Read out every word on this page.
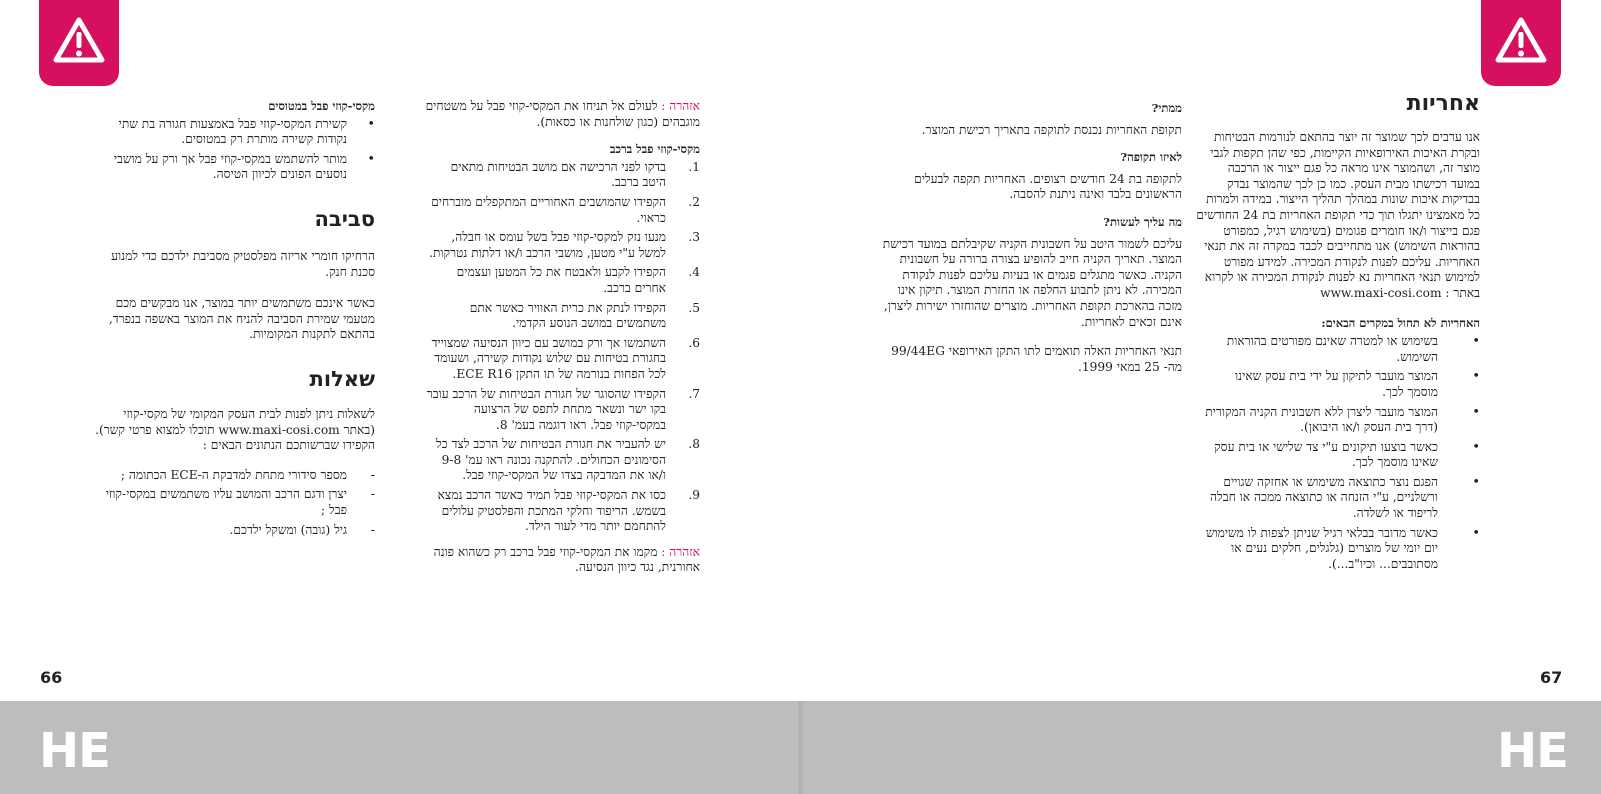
אזהרה : לעולם אל תניחו את המקסי-קוזי פבל על משטחים מוגבהים (כגון שולחנות או כסאות).

מקסי-קוזי פבל ברכב

1.
בדקו לפני הרכישה אם מושב הבטיחות מתאים היטב ברכב.
2.
הקפידו שהמושבים האחוריים המתקפלים מוברחים כראוי.
3.
מנעו נזק למקסי-קוזי פבל בשל עומס או חבלה, למשל ע"י מטען, מושבי הרכב ו/או דלתות נטרקות.
4.
הקפידו לקבע ולאבטח את כל המטען ועצמים אחרים ברכב.
5.
הקפידו לנתק את כרית האוויר כאשר אתם משתמשים במושב הנוסע הקדמי.
6.
השתמשו אך ורק במושב עם כיוון הנסיעה שמצוייד בחגורת בטיחות עם שלוש נקודות קשירה, ושעומד לכל הפחות בנורמה של תו התקן ECE R16.
7.
הקפידו שהסוגר של חגורת הבטיחות של הרכב עובר בקו ישר ונשאר מתחת לתפס של הרצועה במקסי-קוזי פבל. ראו דוגמה בעמ' 8.
8.
יש להעביר את חגורת הבטיחות של הרכב לצד כל הסימונים הכחולים. להתקנה נכונה ראו עמ' 9-8 ו/או את המדבקה בצדו של המקסי-קוזי פבל.
9.
כסו את המקסי-קוזי פבל תמיד כאשר הרכב נמצא בשמש. הריפוד וחלקי המתכת והפלסטיק עלולים להתחמם יותר מדי לעור הילד.

אזהרה : מקמו את המקסי-קוזי פבל ברכב רק כשהוא פונה אחורנית, נגד כיוון הנסיעה.

מקסי-קוזי פבל במטוסים

•
קשירת המקסי-קוזי פבל באמצעות חגורה בת שתי נקודות קשירה מותרת רק במטוסים.
•
מותר להשתמש במקסי-קוזי פבל אך ורק על מושבי נוסעים הפונים לכיוון הטיסה.
סביבה

הרחיקו חומרי אריזה מפלסטיק מסביבת ילדכם כדי למנוע סכנת חנק.

כאשר אינכם משתמשים יותר במוצר, אנו מבקשים מכם מטעמי שמירת הסביבה להניח את המוצר באשפה בנפרד, בהתאם לתקנות המקומיות.

שאלות

לשאלות ניתן לפנות לבית העסק המקומי של מקסי-קוזי (באתר www.maxi-cosi.com תוכלו למצוא פרטי קשר). הקפידו שברשותכם הנתונים הבאים :

-
מספר סידורי מתחת למדבקת ה-ECE הכתומה ;
-
יצרן ודגם הרכב והמושב עליו משתמשים במקסי-קוזי פבל ;
-
גיל (גובה) ומשקל ילדכם.
66

ממתי?

תקופת האחריות נכנסת לתוקפה בתאריך רכישת המוצר.

לאיזו תקופה?

לתקופה בת 24 חודשים רצופים. האחריות תקפה לבעלים הראשונים בלבד ואינה ניתנת להסבה.

מה עליך לעשות?

עליכם לשמור היטב על חשבונית הקניה שקיבלתם במועד רכישת המוצר. תאריך הקניה חייב להופיע בצורה ברורה על חשבונית הקניה. כאשר מתגלים פגמים או בעיות עליכם לפנות לנקודת המכירה. לא ניתן לתבוע החלפה או החזרת המוצר. תיקון אינו מזכה בהארכת תקופת האחריות. מוצרים שהוחזרו ישירות ליצרן, אינם זכאים לאחריות.

תנאי האחריות האלה תואמים לתו התקן האירופאי 99/44EG מה- 25 במאי 1999.

אחריות

אנו ערבים לכך שמוצר זה יוצר בהתאם לנורמות הבטיחות ובקרת האיכות האירופאיות הקיימות, כפי שהן תקפות לגבי מוצר זה, ושהמוצר אינו מראה כל פגם ייצור או הרכבה במועד רכישתו מבית העסק. כמו כן לכך שהמוצר נבדק בבדיקות איכות שונות במהלך תהליך הייצור. במידה ולמרות כל מאמצינו יתגלו תוך כדי תקופת האחריות בת 24 החודשים פגם בייצור ו/או חומרים פגומים (בשימוש רגיל, כמפורט בהוראות השימוש) אנו מתחייבים לכבד במקרה זה את תנאי האחריות. עליכם לפנות לנקודת המכירה. למידע מפורט למימוש תנאי האחריות נא לפנות לנקודת המכירה או לקרוא באתר : www.maxi-cosi.com

האחריות לא תחול במקרים הבאים:

•
בשימוש או למטרה שאינם מפורטים בהוראות השימוש.
•
המוצר מועבר לתיקון על ידי בית עסק שאינו מוסמך לכך.
•
המוצר מועבר ליצרן ללא חשבונית הקניה המקורית (דרך בית העסק ו/או היבואן).
•
כאשר בוצעו תיקונים ע"י צד שלישי או בית עסק שאינו מוסמך לכך.
•
הפגם נוצר כתוצאה משימוש או אחזקה שגויים ורשלניים, ע"י הזנחה או כתוצאה ממכה או חבלה לריפוד או לשלדה.
•
כאשר מדובר בבלאי רגיל שניתן לצפות לו משימוש יום יומי של מוצרים (גלגלים, חלקים נעים או מסתובבים... וכיו"ב...).
67
HE	HE
